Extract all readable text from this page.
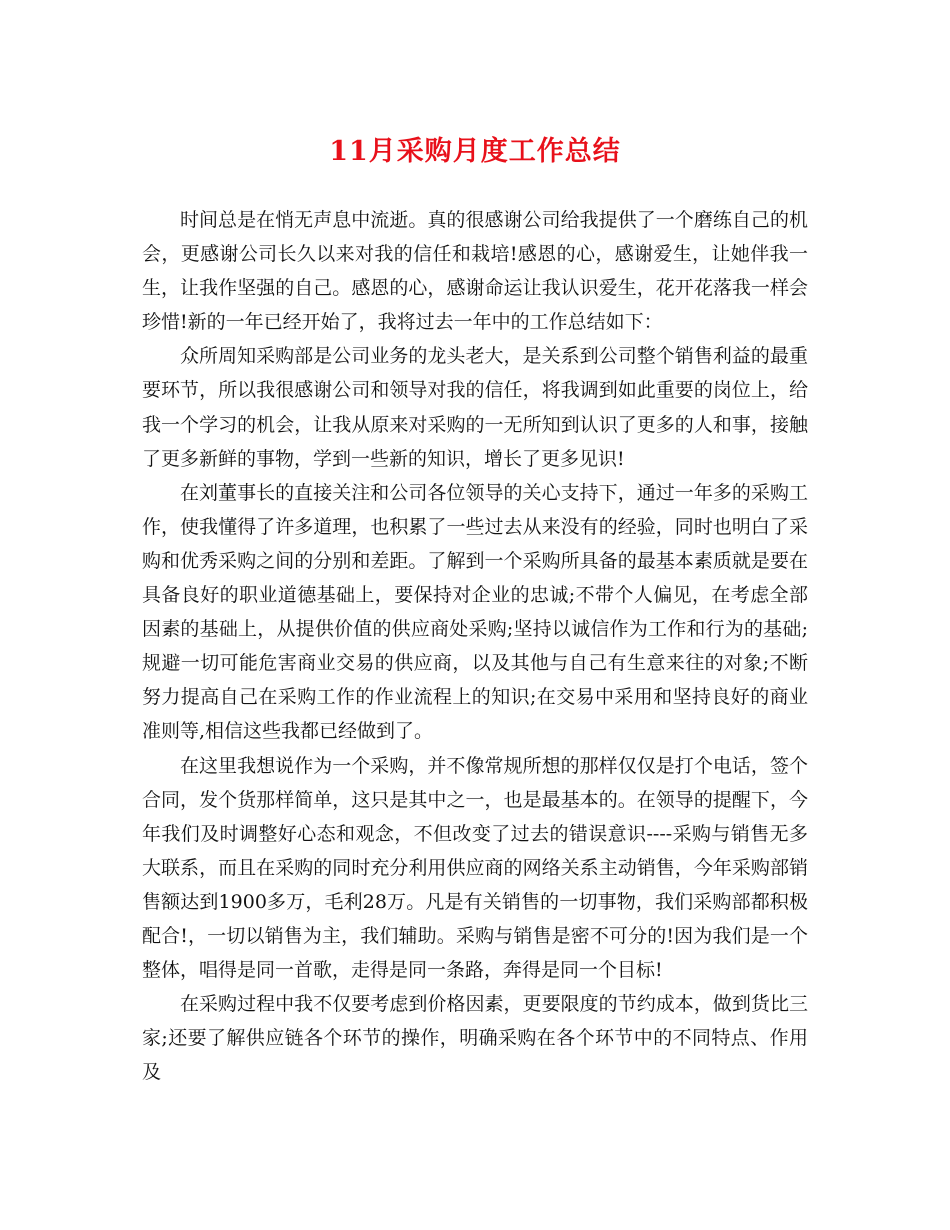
11月采购月度工作总结

时间总是在悄无声息中流逝。真的很感谢公司给我提供了一个磨练自己的机会，更感谢公司长久以来对我的信任和栽培!感恩的心，感谢爱生，让她伴我一生，让我作坚强的自己。感恩的心，感谢命运让我认识爱生，花开花落我一样会珍惜!新的一年已经开始了，我将过去一年中的工作总结如下：

众所周知采购部是公司业务的龙头老大，是关系到公司整个销售利益的最重要环节，所以我很感谢公司和领导对我的信任，将我调到如此重要的岗位上，给我一个学习的机会，让我从原来对采购的一无所知到认识了更多的人和事，接触了更多新鲜的事物，学到一些新的知识，增长了更多见识!

在刘董事长的直接关注和公司各位领导的关心支持下，通过一年多的采购工作，使我懂得了许多道理，也积累了一些过去从来没有的经验，同时也明白了采购和优秀采购之间的分别和差距。了解到一个采购所具备的最基本素质就是要在具备良好的职业道德基础上，要保持对企业的忠诚;不带个人偏见，在考虑全部因素的基础上，从提供价值的供应商处采购;坚持以诚信作为工作和行为的基础;规避一切可能危害商业交易的供应商，以及其他与自己有生意来往的对象;不断努力提高自己在采购工作的作业流程上的知识;在交易中采用和坚持良好的商业准则等,相信这些我都已经做到了。

在这里我想说作为一个采购，并不像常规所想的那样仅仅是打个电话，签个合同，发个货那样简单，这只是其中之一，也是最基本的。在领导的提醒下，今年我们及时调整好心态和观念，不但改变了过去的错误意识----采购与销售无多大联系，而且在采购的同时充分利用供应商的网络关系主动销售，今年采购部销售额达到1900多万，毛利28万。凡是有关销售的一切事物，我们采购部都积极配合!，一切以销售为主，我们辅助。采购与销售是密不可分的!因为我们是一个整体，唱得是同一首歌，走得是同一条路，奔得是同一个目标!

在采购过程中我不仅要考虑到价格因素，更要限度的节约成本，做到货比三家;还要了解供应链各个环节的操作，明确采购在各个环节中的不同特点、作用及
